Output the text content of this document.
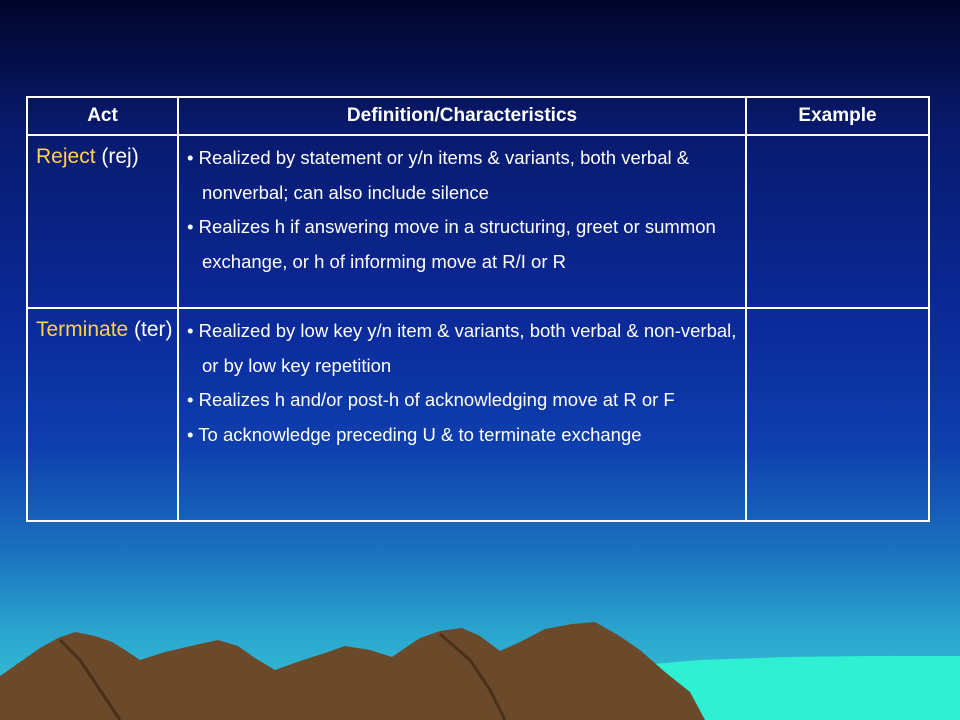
Act	Definition/Characteristics	Example
Reject (rej)	• Realized by statement or y/n items & variants, both verbal & nonverbal; can also include silence
• Realizes h if answering move in a structuring, greet or summon exchange, or h of informing move at R/I or R	

Terminate (ter)	• Realized by low key y/n item & variants, both verbal & non-verbal, or by low key repetition
• Realizes h and/or post-h of acknowledging move at R or F
• To acknowledge preceding U & to terminate exchange	
